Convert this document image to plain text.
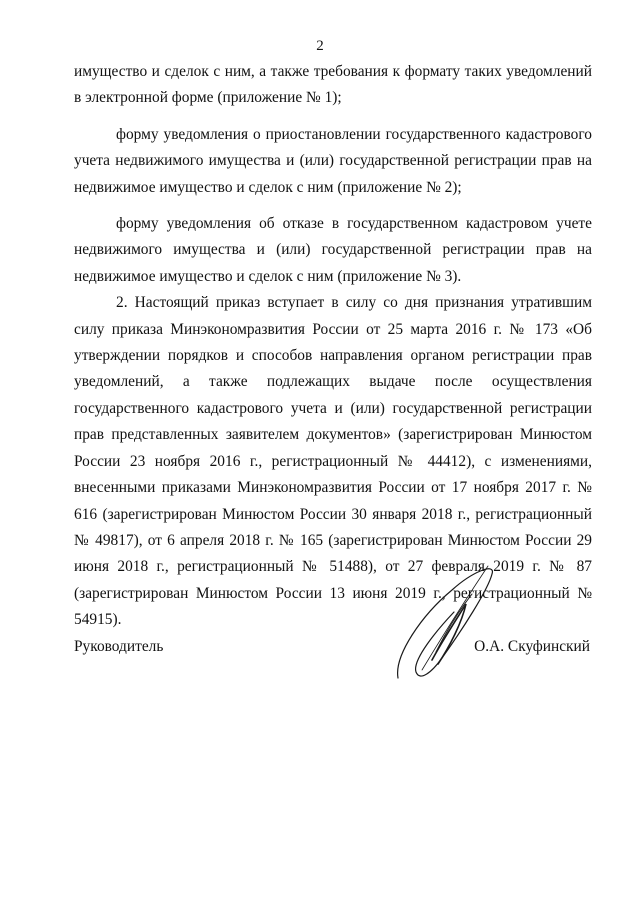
2

имущество и сделок с ним, а также требования к формату таких уведомлений в электронной форме (приложение № 1);

форму уведомления о приостановлении государственного кадастрового учета недвижимого имущества и (или) государственной регистрации прав на недвижимое имущество и сделок с ним (приложение № 2);

форму уведомления об отказе в государственном кадастровом учете недвижимого имущества и (или) государственной регистрации прав на недвижимое имущество и сделок с ним (приложение № 3).

2. Настоящий приказ вступает в силу со дня признания утратившим силу приказа Минэкономразвития России от 25 марта 2016 г. № 173 «Об утверждении порядков и способов направления органом регистрации прав уведомлений, а также подлежащих выдаче после осуществления государственного кадастрового учета и (или) государственной регистрации прав представленных заявителем документов» (зарегистрирован Минюстом России 23 ноября 2016 г., регистрационный № 44412), с изменениями, внесенными приказами Минэкономразвития России от 17 ноября 2017 г. № 616 (зарегистрирован Минюстом России 30 января 2018 г., регистрационный № 49817), от 6 апреля 2018 г. № 165 (зарегистрирован Минюстом России 29 июня 2018 г., регистрационный № 51488), от 27 февраля 2019 г. № 87 (зарегистрирован Минюстом России 13 июня 2019 г., регистрационный № 54915).

Руководитель	О.А. Скуфинский
